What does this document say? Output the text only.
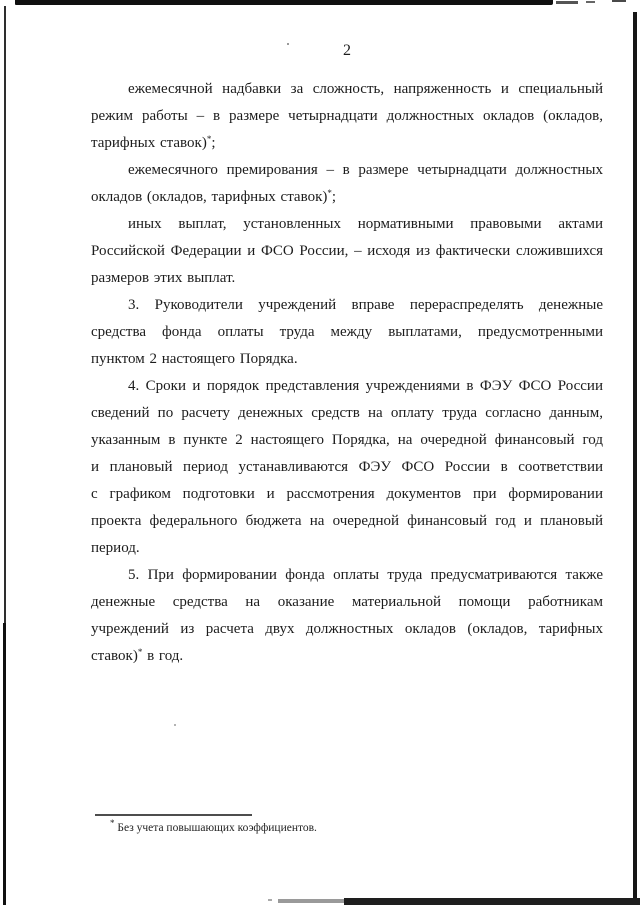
2
ежемесячной надбавки за сложность, напряженность и специальный
режим работы – в размере четырнадцати должностных окладов (окладов,
тарифных ставок)*;
ежемесячного премирования – в размере четырнадцати должностных
окладов (окладов, тарифных ставок)*;
иных выплат, установленных нормативными правовыми актами
Российской Федерации и ФСО России, – исходя из фактически сложившихся
размеров этих выплат.
3. Руководители учреждений вправе перераспределять денежные
средства фонда оплаты труда между выплатами, предусмотренными
пунктом 2 настоящего Порядка.
4. Сроки и порядок представления учреждениями в ФЭУ ФСО России
сведений по расчету денежных средств на оплату труда согласно данным,
указанным в пункте 2 настоящего Порядка, на очередной финансовый год
и плановый период устанавливаются ФЭУ ФСО России в соответствии
с графиком подготовки и рассмотрения документов при формировании
проекта федерального бюджета на очередной финансовый год и плановый
период.
5. При формировании фонда оплаты труда предусматриваются также
денежные средства на оказание материальной помощи работникам
учреждений из расчета двух должностных окладов (окладов, тарифных
ставок)* в год.
* Без учета повышающих коэффициентов.
